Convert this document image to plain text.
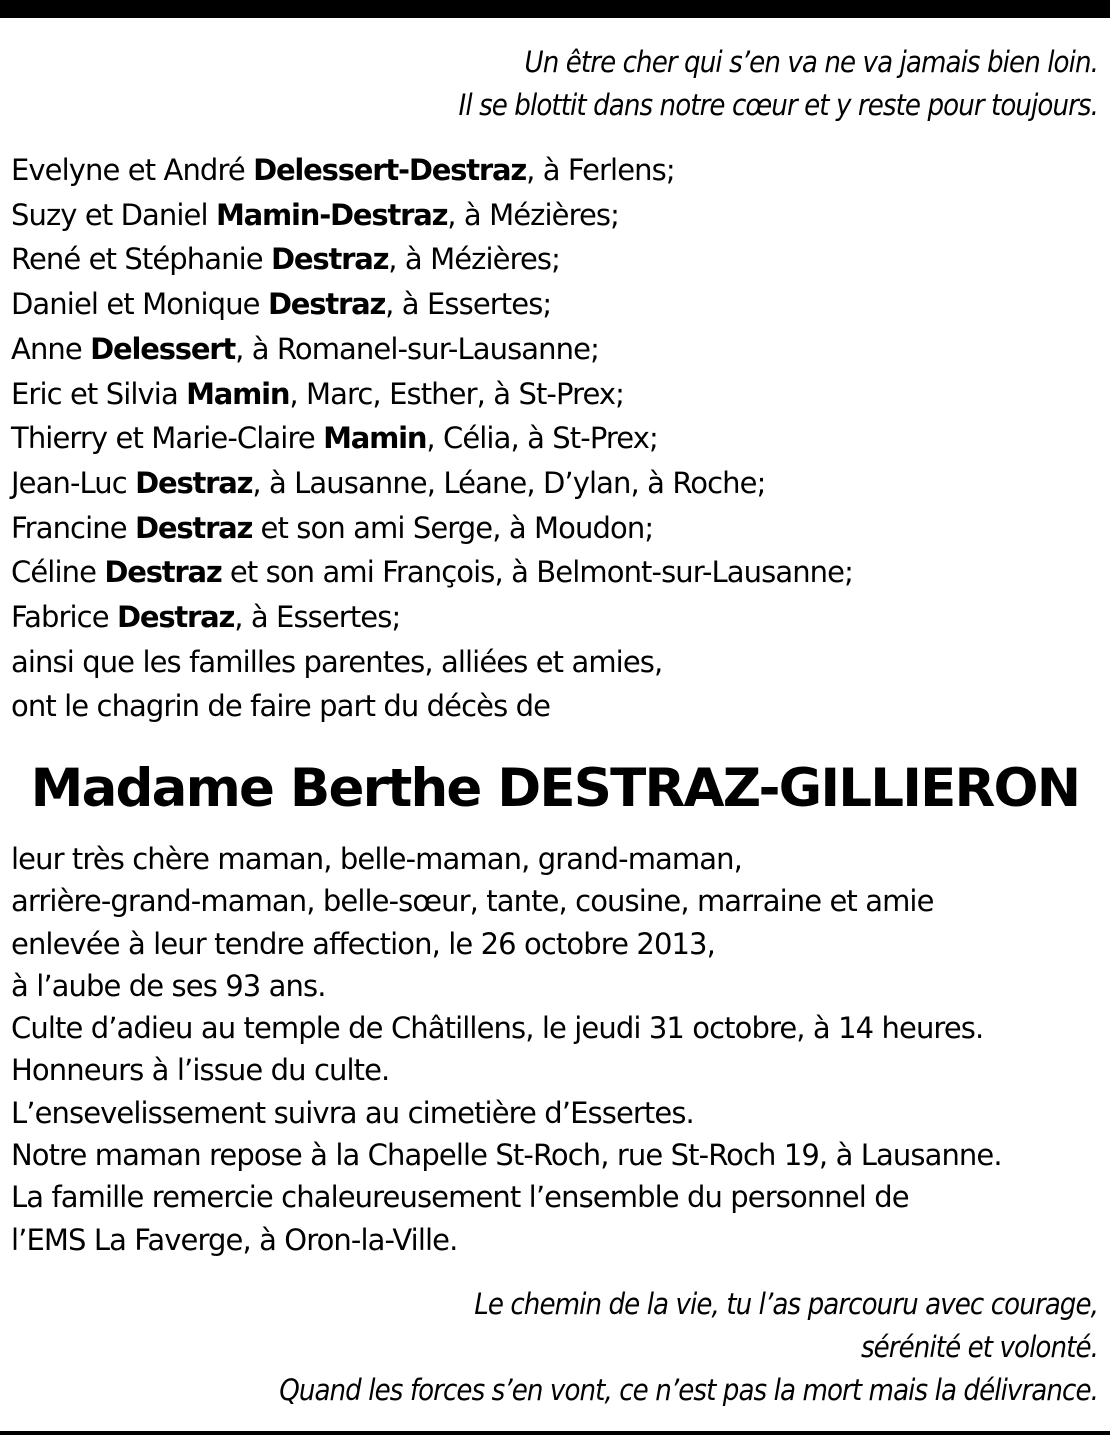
Un être cher qui s’en va ne va jamais bien loin.
Il se blottit dans notre cœur et y reste pour toujours.
Evelyne et André Delessert-Destraz, à Ferlens;
Suzy et Daniel Mamin-Destraz, à Mézières;
René et Stéphanie Destraz, à Mézières;
Daniel et Monique Destraz, à Essertes;
Anne Delessert, à Romanel-sur-Lausanne;
Eric et Silvia Mamin, Marc, Esther, à St-Prex;
Thierry et Marie-Claire Mamin, Célia, à St-Prex;
Jean-Luc Destraz, à Lausanne, Léane, D’ylan, à Roche;
Francine Destraz et son ami Serge, à Moudon;
Céline Destraz et son ami François, à Belmont-sur-Lausanne;
Fabrice Destraz, à Essertes;
ainsi que les familles parentes, alliées et amies,
ont le chagrin de faire part du décès de
Madame Berthe DESTRAZ-GILLIERON
leur très chère maman, belle-maman, grand-maman,
arrière-grand-maman, belle-sœur, tante, cousine, marraine et amie
enlevée à leur tendre affection, le 26 octobre 2013,
à l’aube de ses 93 ans.
Culte d’adieu au temple de Châtillens, le jeudi 31 octobre, à 14 heures.
Honneurs à l’issue du culte.
L’ensevelissement suivra au cimetière d’Essertes.
Notre maman repose à la Chapelle St-Roch, rue St-Roch 19, à Lausanne.
La famille remercie chaleureusement l’ensemble du personnel de
l’EMS La Faverge, à Oron-la-Ville.
Le chemin de la vie, tu l’as parcouru avec courage,
sérénité et volonté.
Quand les forces s’en vont, ce n’est pas la mort mais la délivrance.
